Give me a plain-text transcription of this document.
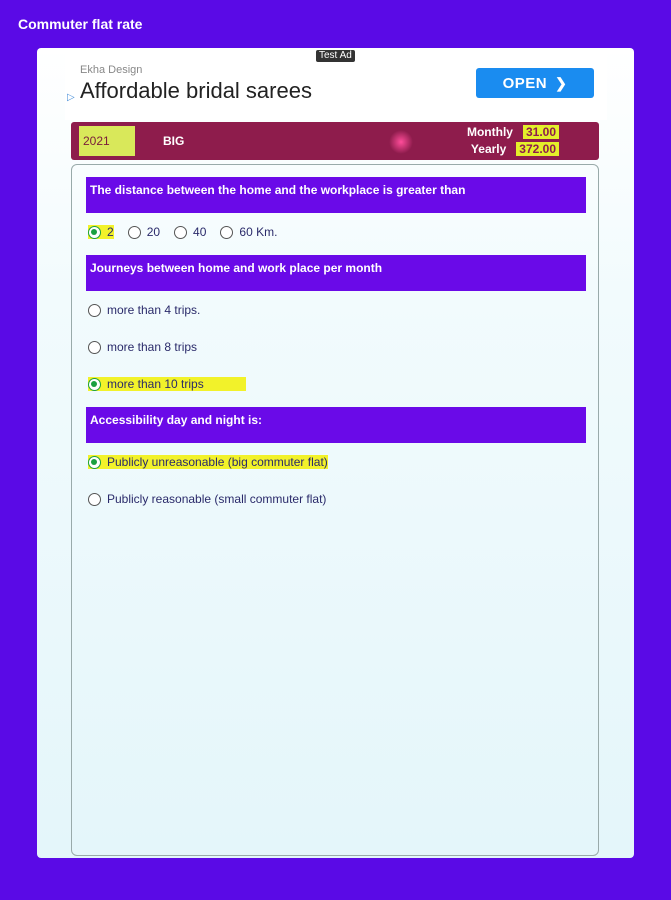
Commuter flat rate
Test Ad
Ekha Design
Affordable bridal sarees
▷
OPEN ❯
2021	BIG
Monthly 31.00
Yearly 372.00
The distance between the home and the workplace is greater than
2	20	40	60 Km.
Journeys between home and work place per month
more than 4 trips.
more than 8 trips
more than 10 trips
Accessibility day and night is:
Publicly unreasonable (big commuter flat)
Publicly reasonable (small commuter flat)
